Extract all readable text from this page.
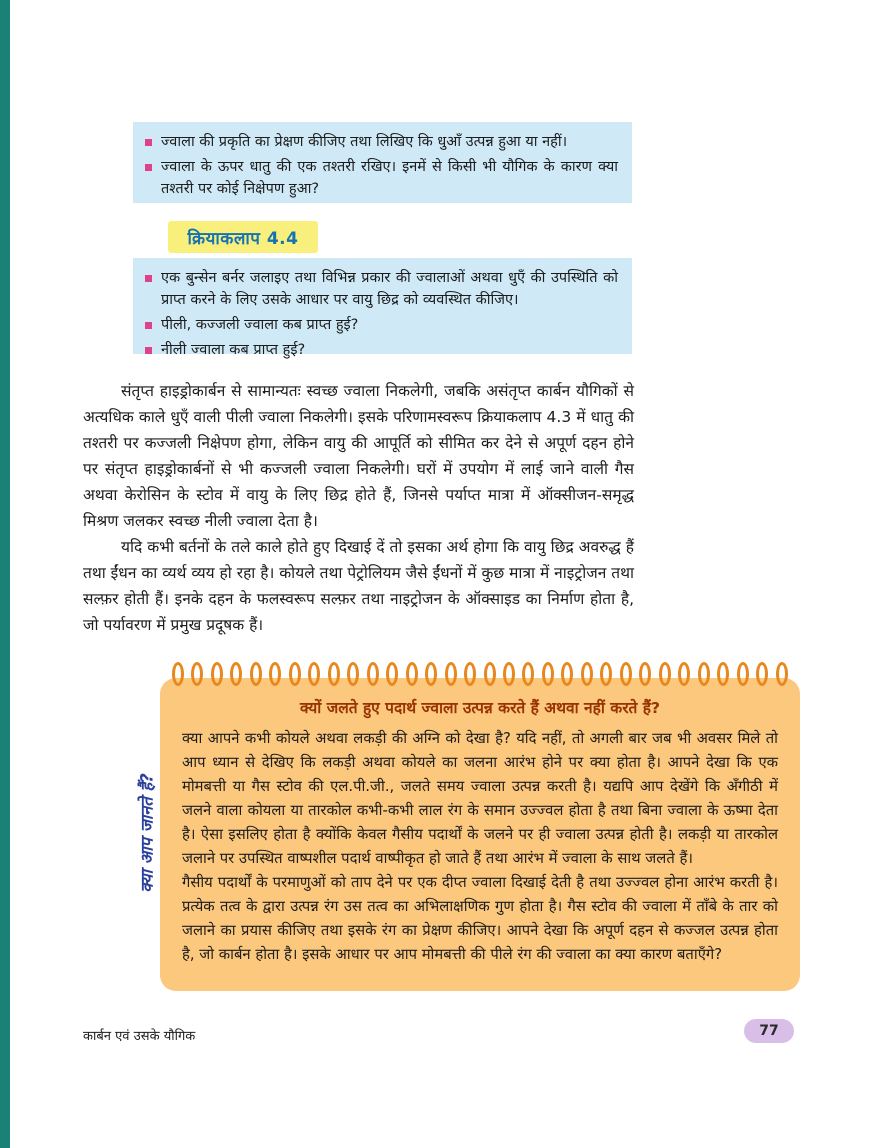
ज्वाला की प्रकृति का प्रेक्षण कीजिए तथा लिखिए कि धुआँ उत्पन्न हुआ या नहीं।
ज्वाला के ऊपर धातु की एक तश्तरी रखिए। इनमें से किसी भी यौगिक के कारण क्या तश्तरी पर कोई निक्षेपण हुआ?
क्रियाकलाप 4.4
एक बुन्सेन बर्नर जलाइए तथा विभिन्न प्रकार की ज्वालाओं अथवा धुएँ की उपस्थिति को प्राप्त करने के लिए उसके आधार पर वायु छिद्र को व्यवस्थित कीजिए।
पीली, कज्जली ज्वाला कब प्राप्त हुई?
नीली ज्वाला कब प्राप्त हुई?
संतृप्त हाइड्रोकार्बन से सामान्यतः स्वच्छ ज्वाला निकलेगी, जबकि असंतृप्त कार्बन यौगिकों से अत्यधिक काले धुएँ वाली पीली ज्वाला निकलेगी। इसके परिणामस्वरूप क्रियाकलाप 4.3 में धातु की तश्तरी पर कज्जली निक्षेपण होगा, लेकिन वायु की आपूर्ति को सीमित कर देने से अपूर्ण दहन होने पर संतृप्त हाइड्रोकार्बनों से भी कज्जली ज्वाला निकलेगी। घरों में उपयोग में लाई जाने वाली गैस अथवा केरोसिन के स्टोव में वायु के लिए छिद्र होते हैं, जिनसे पर्याप्त मात्रा में ऑक्सीजन-समृद्ध मिश्रण जलकर स्वच्छ नीली ज्वाला देता है।
यदि कभी बर्तनों के तले काले होते हुए दिखाई दें तो इसका अर्थ होगा कि वायु छिद्र अवरुद्ध हैं तथा ईंधन का व्यर्थ व्यय हो रहा है। कोयले तथा पेट्रोलियम जैसे ईंधनों में कुछ मात्रा में नाइट्रोजन तथा सल्फ़र होती हैं। इनके दहन के फलस्वरूप सल्फ़र तथा नाइट्रोजन के ऑक्साइड का निर्माण होता है, जो पर्यावरण में प्रमुख प्रदूषक हैं।
क्यों जलते हुए पदार्थ ज्वाला उत्पन्न करते हैं अथवा नहीं करते हैं?

क्या आपने कभी कोयले अथवा लकड़ी की अग्नि को देखा है? यदि नहीं, तो अगली बार जब भी अवसर मिले तो आप ध्यान से देखिए कि लकड़ी अथवा कोयले का जलना आरंभ होने पर क्या होता है। आपने देखा कि एक मोमबत्ती या गैस स्टोव की एल.पी.जी., जलते समय ज्वाला उत्पन्न करती है। यद्यपि आप देखेंगे कि अँगीठी में जलने वाला कोयला या तारकोल कभी-कभी लाल रंग के समान उज्ज्वल होता है तथा बिना ज्वाला के ऊष्मा देता है। ऐसा इसलिए होता है क्योंकि केवल गैसीय पदार्थों के जलने पर ही ज्वाला उत्पन्न होती है। लकड़ी या तारकोल जलाने पर उपस्थित वाष्पशील पदार्थ वाष्पीकृत हो जाते हैं तथा आरंभ में ज्वाला के साथ जलते हैं।

गैसीय पदार्थों के परमाणुओं को ताप देने पर एक दीप्त ज्वाला दिखाई देती है तथा उज्ज्वल होना आरंभ करती है। प्रत्येक तत्व के द्वारा उत्पन्न रंग उस तत्व का अभिलाक्षणिक गुण होता है। गैस स्टोव की ज्वाला में ताँबे के तार को जलाने का प्रयास कीजिए तथा इसके रंग का प्रेक्षण कीजिए। आपने देखा कि अपूर्ण दहन से कज्जल उत्पन्न होता है, जो कार्बन होता है। इसके आधार पर आप मोमबत्ती की पीले रंग की ज्वाला का क्या कारण बताएँगे?

क्या आप जानते हैं?
कार्बन एवं उसके यौगिक	77
